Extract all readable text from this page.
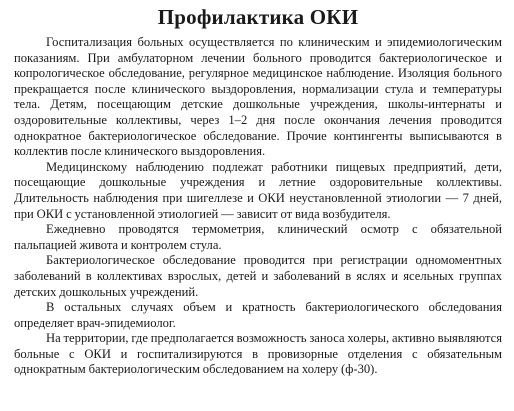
Профилактика ОКИ

Госпитализация больных осуществляется по клиническим и эпидемиологическим показаниям. При амбулаторном лечении больного проводится бактериологическое и копрологическое обследование, регулярное медицинское наблюдение. Изоляция больного прекращается после клинического выздоровления, нормализации стула и температуры тела. Детям, посещающим детские дошкольные учреждения, школы-интернаты и оздоровительные коллективы, через 1–2 дня после окончания лечения проводится однократное бактериологическое обследование. Прочие контингенты выписываются в коллектив после клинического выздоровления.

Медицинскому наблюдению подлежат работники пищевых предприятий, дети, посещающие дошкольные учреждения и летние оздоровительные коллективы. Длительность наблюдения при шигеллезе и ОКИ неустановленной этиологии — 7 дней, при ОКИ с установленной этиологией — зависит от вида возбудителя.

Ежедневно проводятся термометрия, клинический осмотр с обязательной пальпацией живота и контролем стула.

Бактериологическое обследование проводится при регистрации одномоментных заболеваний в коллективах взрослых, детей и заболеваний в яслях и ясельных группах детских дошкольных учреждений.

В остальных случаях объем и кратность бактериологического обследования определяет врач-эпидемиолог.

На территории, где предполагается возможность заноса холеры, активно выявляются больные с ОКИ и госпитализируются в провизорные отделения с обязательным однократным бактериологическим обследованием на холеру (ф-30).
